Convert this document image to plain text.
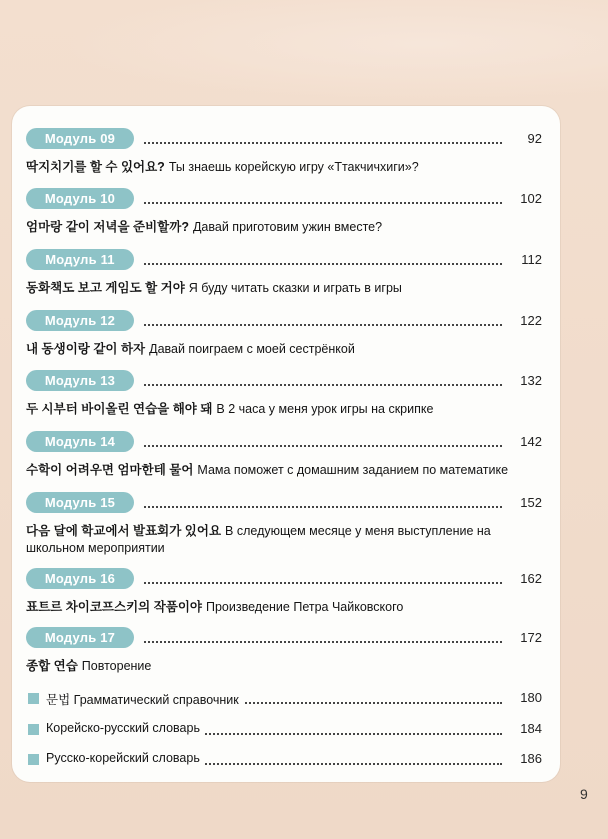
Модуль 09	92
딱지치기를 할 수 있어요? Ты знаешь корейскую игру «Ттакчичхиги»?
Модуль 10	102
엄마랑 같이 저녁을 준비할까? Давай приготовим ужин вместе?
Модуль 11	112
동화책도 보고 게임도 할 거야 Я буду читать сказки и играть в игры
Модуль 12	122
내 동생이랑 같이 하자 Давай поиграем с моей сестрёнкой
Модуль 13	132
두 시부터 바이올린 연습을 해야 돼 В 2 часа у меня урок игры на скрипке
Модуль 14	142
수학이 어려우면 엄마한테 물어 Мама поможет с домашним заданием по математике
Модуль 15	152
다음 달에 학교에서 발표회가 있어요 В следующем месяце у меня выступление на школьном мероприятии
Модуль 16	162
표트르 차이코프스키의 작품이야 Произведение Петра Чайковского
Модуль 17	172
종합 연습 Повторение
문법 Грамматический справочник	180
Корейско-русский словарь	184
Русско-корейский словарь	186
9
